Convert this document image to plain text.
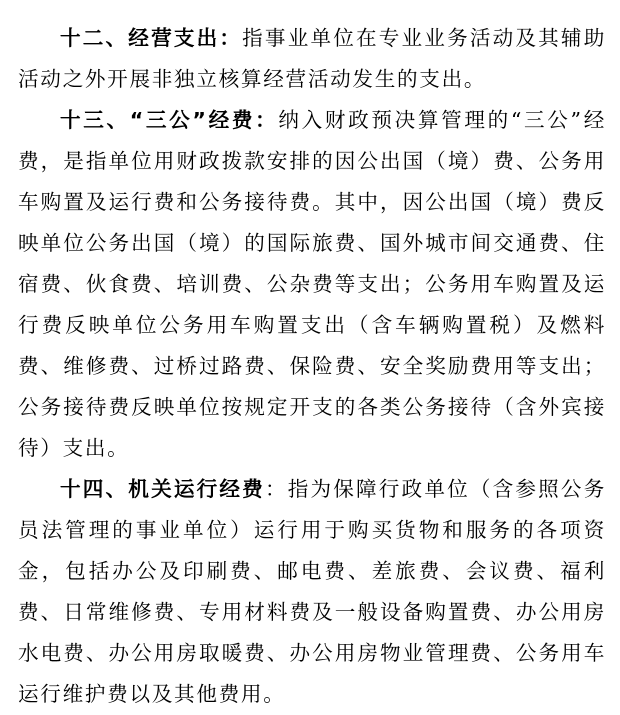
十二、经营支出：指事业单位在专业业务活动及其辅助活动之外开展非独立核算经营活动发生的支出。

十三、“三公”经费：纳入财政预决算管理的“三公”经费，是指单位用财政拨款安排的因公出国（境）费、公务用车购置及运行费和公务接待费。其中，因公出国（境）费反映单位公务出国（境）的国际旅费、国外城市间交通费、住宿费、伙食费、培训费、公杂费等支出；公务用车购置及运行费反映单位公务用车购置支出（含车辆购置税）及燃料费、维修费、过桥过路费、保险费、安全奖励费用等支出；公务接待费反映单位按规定开支的各类公务接待（含外宾接待）支出。

十四、机关运行经费：指为保障行政单位（含参照公务员法管理的事业单位）运行用于购买货物和服务的各项资金，包括办公及印刷费、邮电费、差旅费、会议费、福利费、日常维修费、专用材料费及一般设备购置费、办公用房水电费、办公用房取暖费、办公用房物业管理费、公务用车运行维护费以及其他费用。
